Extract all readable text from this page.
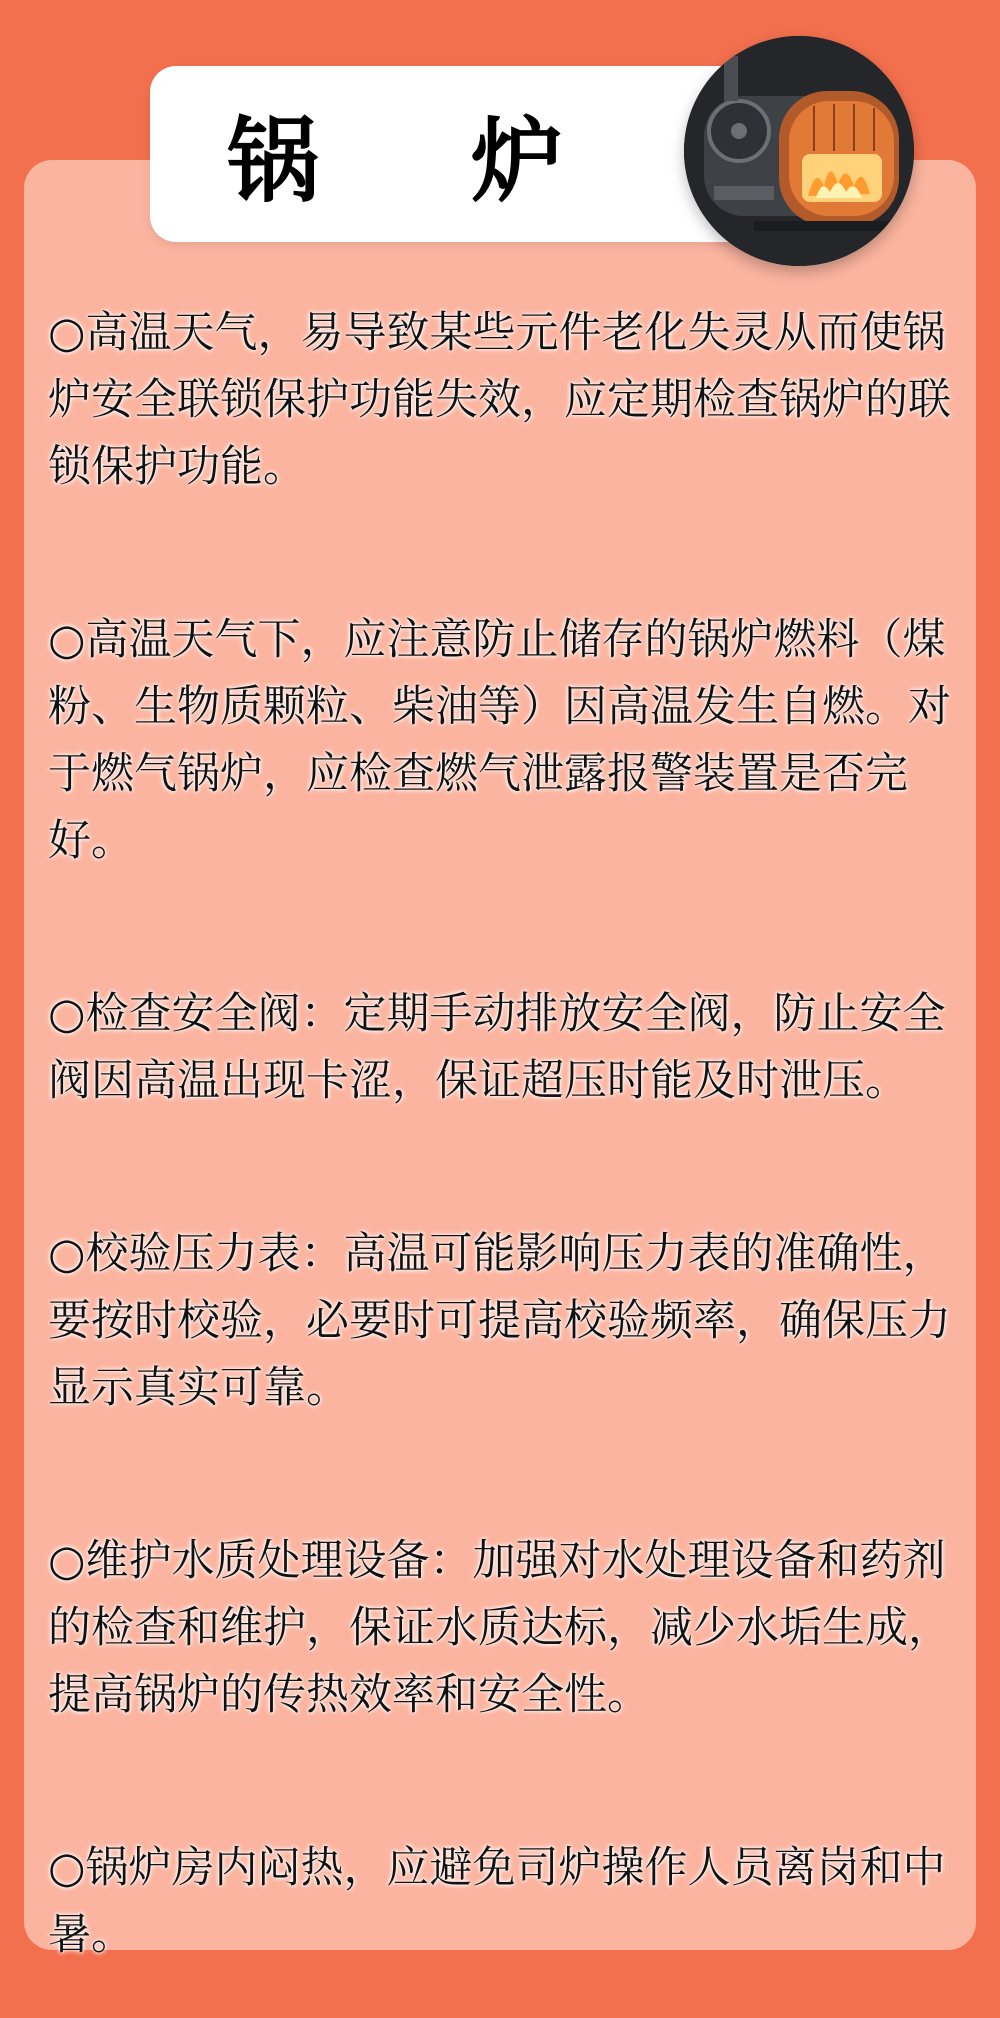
锅 炉

○高温天气，易导致某些元件老化失灵从而使锅炉安全联锁保护功能失效，应定期检查锅炉的联锁保护功能。

○高温天气下，应注意防止储存的锅炉燃料（煤粉、生物质颗粒、柴油等）因高温发生自燃。对于燃气锅炉，应检查燃气泄露报警装置是否完好。

○检查安全阀：定期手动排放安全阀，防止安全阀因高温出现卡涩，保证超压时能及时泄压。

○校验压力表：高温可能影响压力表的准确性，要按时校验，必要时可提高校验频率，确保压力显示真实可靠。

○维护水质处理设备：加强对水处理设备和药剂的检查和维护，保证水质达标，减少水垢生成，提高锅炉的传热效率和安全性。

○锅炉房内闷热，应避免司炉操作人员离岗和中暑。
